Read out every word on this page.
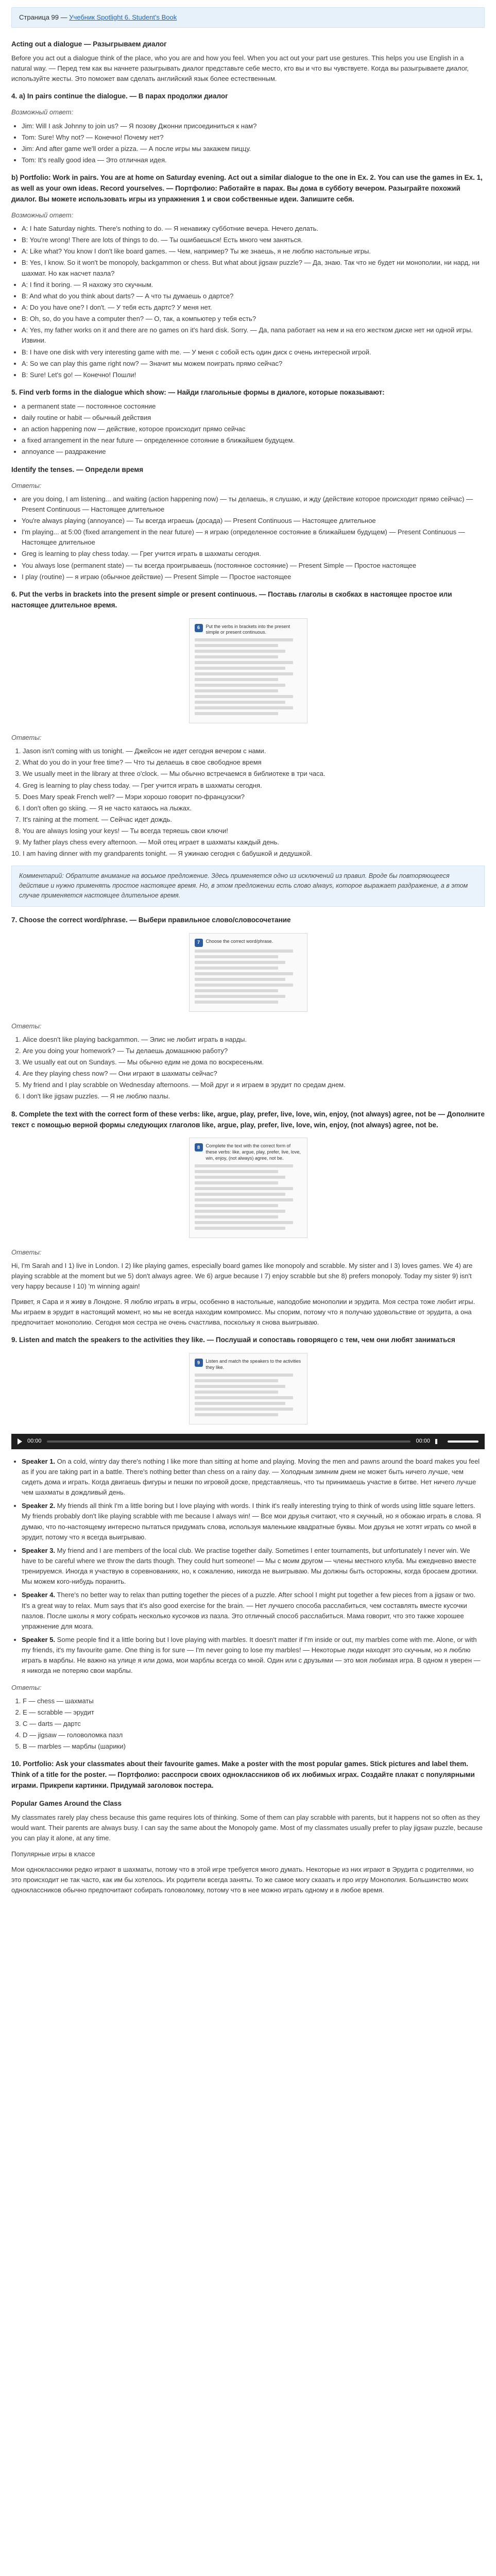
Страница 99 — Учебник Spotlight 6. Student's Book
Acting out a dialogue — Разыгрываем диалог

Before you act out a dialogue think of the place, who you are and how you feel. When you act out your part use gestures. This helps you use English in a natural way. — Перед тем как вы начнете разыгрывать диалог представьте себе место, кто вы и что вы чувствуете. Когда вы разыгрываете диалог, используйте жесты. Это поможет вам сделать английский язык более естественным.

4. a) In pairs continue the dialogue. — В парах продолжи диалог
Возможный ответ:
• Jim: Will I ask Johnny to join us? — Я позову Джонни присоединиться к нам?
• Tom: Sure! Why not? — Конечно! Почему нет?
• Jim: And after game we'll order a pizza. — А после игры мы закажем пиццу.
• Tom: It's really good idea — Это отличная идея.
b) Portfolio: Work in pairs. You are at home on Saturday evening. Act out a similar dialogue to the one in Ex. 2. You can use the games in Ex. 1, as well as your own ideas. Record yourselves. — Портфолио: Работайте в парах. Вы дома в субботу вечером. Разыграйте похожий диалог. Вы можете использовать игры из упражнения 1 и свои собственные идеи. Запишите себя.
Возможный ответ:
• A: I hate Saturday nights. There's nothing to do. — Я ненавижу субботние вечера. Нечего делать.
• B: You're wrong! There are lots of things to do. — Ты ошибаешься! Есть много чем заняться.
• A: Like what? You know I don't like board games. — Чем, например? Ты же знаешь, я не люблю настольные игры.
• B: Yes, I know. So it won't be monopoly, backgammon or chess. But what about jigsaw puzzle? — Да, знаю. Так что не будет ни монополии, ни нард, ни шахмат. Но как насчет пазла?
• A: I find it boring. — Я нахожу это скучным.
• B: And what do you think about darts? — А что ты думаешь о дартсе?
• A: Do you have one? I don't. — У тебя есть дартс? У меня нет.
• B: Oh, so, do you have a computer then? — О, так, а компьютер у тебя есть?
• A: Yes, my father works on it and there are no games on it's hard disk. Sorry. — Да, папа работает на нем и на его жестком диске нет ни одной игры. Извини.
• B: I have one disk with very interesting game with me. — У меня с собой есть один диск с очень интересной игрой.
• A: So we can play this game right now? — Значит мы можем поиграть прямо сейчас?
• B: Sure! Let's go! — Конечно! Пошли!
5. Find verb forms in the dialogue which show: — Найди глагольные формы в диалоге, которые показывают:
• a permanent state — постоянное состояние
• daily routine or habit — обычный действия
• an action happening now — действие, которое происходит прямо сейчас
• a fixed arrangement in the near future — определенное сотояние в ближайшем будущем.
• annoyance — раздражение
Identify the tenses. — Определи время
Ответы:
• are you doing, I am listening... and waiting (action happening now) — ты делаешь, я слушаю, и жду (действие которое происходит прямо сейчас) — Present Continuous — Настоящее длительное
• You're always playing (annoyance) — Ты всегда играешь (досада) — Present Continuous — Настоящее длительное
• I'm playing... at 5:00 (fixed arrangement in the near future) — я играю (определенное состояние в ближайшем будущем) — Present Continuous — Настоящее длительное
• Greg is learning to play chess today. — Грег учится играть в шахматы сегодня.
• You always lose (permanent state) — ты всегда проигрываешь (постоянное состояние) — Present Simple — Простое настоящее
• I play (routine) — я играю (обычное действие) — Present Simple — Простое настоящее
6. Put the verbs in brackets into the present simple or present continuous. — Поставь глаголы в скобках в настоящее простое или настоящее длительное время.
6	Put the verbs in brackets into the present simple or present continuous.
Ответы:
1. Jason isn't coming with us tonight. — Джейсон не идет сегодня вечером с нами.
2. What do you do in your free time? — Что ты делаешь в свое свободное время
3. We usually meet in the library at three o'clock. — Мы обычно встречаемся в библиотеке в три часа.
4. Greg is learning to play chess today. — Грег учится играть в шахматы сегодня.
5. Does Mary speak French well? — Мэри хорошо говорит по-французски?
6. I don't often go skiing. — Я не часто катаюсь на лыжах.
7. It's raining at the moment. — Сейчас идет дождь.
8. You are always losing your keys! — Ты всегда теряешь свои ключи!
9. My father plays chess every afternoon. — Мой отец играет в шахматы каждый день.
10. I am having dinner with my grandparents tonight. — Я ужинаю сегодня с бабушкой и дедушкой.
Комментарий: Обратите внимание на восьмое предложение. Здесь применяется одно из исключений из правил. Вроде бы повторяющееся действие и нужно применять простое настоящее время. Но, в этом предложении есть слово always, которое выражает раздражение, а в этом случае применяется настоящее длительное время.
7. Choose the correct word/phrase. — Выбери правильное слово/словосочетание
7	Choose the correct word/phrase.
Ответы:
1. Alice doesn't like playing backgammon. — Элис не любит играть в нарды.
2. Are you doing your homework? — Ты делаешь домашнюю работу?
3. We usually eat out on Sundays. — Мы обычно едим не дома по воскресеньям.
4. Are they playing chess now? — Они играют в шахматы сейчас?
5. My friend and I play scrabble on Wednesday afternoons. — Мой друг и я играем в эрудит по средам днем.
6. I don't like jigsaw puzzles. — Я не люблю пазлы.
8. Complete the text with the correct form of these verbs: like, argue, play, prefer, live, love, win, enjoy, (not always) agree, not be — Дополните текст с помощью верной формы следующих глаголов like, argue, play, prefer, live, love, win, enjoy, (not always) agree, not be.
8	Complete the text with the correct form of these verbs: like, argue, play, prefer, live, love, win, enjoy, (not always) agree, not be.
Ответы:

Hi, I'm Sarah and I 1) live in London. I 2) like playing games, especially board games like monopoly and scrabble. My sister and I 3) loves games. We 4) are playing scrabble at the moment but we 5) don't always agree. We 6) argue because I 7) enjoy scrabble but she 8) prefers monopoly. Today my sister 9) isn't very happy because I 10) 'm winning again!

Привет, я Сара и я живу в Лондоне. Я люблю играть в игры, особенно в настольные, наподобие монополии и эрудита. Моя сестра тоже любит игры. Мы играем в эрудит в настоящий момент, но мы не всегда находим компромисс. Мы спорим, потому что я получаю удовольствие от эрудита, а она предпочитает монополию. Сегодня моя сестра не очень счастлива, поскольку я снова выигрываю.

9. Listen and match the speakers to the activities they like. — Послушай и сопоставь говорящего с тем, чем они любят заниматься
9	Listen and match the speakers to the activities they like.
00:00	00:00
• Speaker 1. On a cold, wintry day there's nothing I like more than sitting at home and playing. Moving the men and pawns around the board makes you feel as if you are taking part in a battle. There's nothing better than chess on a rainy day. — Холодным зимним днем не может быть ничего лучше, чем сидеть дома и играть. Когда двигаешь фигуры и пешки по игровой доске, представляешь, что ты принимаешь участие в битве. Нет ничего лучше чем шахматы в дождливый день.
• Speaker 2. My friends all think I'm a little boring but I love playing with words. I think it's really interesting trying to think of words using little square letters. My friends probably don't like playing scrabble with me because I always win! — Все мои друзья считают, что я скучный, но я обожаю играть в слова. Я думаю, что по-настоящему интересно пытаться придумать слова, используя маленькие квадратные буквы. Мои друзья не хотят играть со мной в эрудит, потому что я всегда выигрываю.
• Speaker 3. My friend and I are members of the local club. We practise together daily. Sometimes I enter tournaments, but unfortunately I never win. We have to be careful where we throw the darts though. They could hurt someone! — Мы с моим другом — члены местного клуба. Мы ежедневно вместе тренируемся. Иногда я участвую в соревнованиях, но, к сожалению, никогда не выигрываю. Мы должны быть осторожны, когда бросаем дротики. Мы можем кого-нибудь поранить.
• Speaker 4. There's no better way to relax than putting together the pieces of a puzzle. After school I might put together a few pieces from a jigsaw or two. It's a great way to relax. Mum says that it's also good exercise for the brain. — Нет лучшего способа расслабиться, чем составлять вместе кусочки пазлов. После школы я могу собрать несколько кусочков из пазла. Это отличный способ расслабиться. Мама говорит, что это также хорошее упражнение для мозга.
• Speaker 5. Some people find it a little boring but I love playing with marbles. It doesn't matter if I'm inside or out, my marbles come with me. Alone, or with my friends, it's my favourite game. One thing is for sure — I'm never going to lose my marbles! — Некоторые люди находят это скучным, но я люблю играть в марблы. Не важно на улице я или дома, мои марблы всегда со мной. Один или с друзьями — это моя любимая игра. В одном я уверен — я никогда не потеряю свои марблы.
Ответы:
1. F — chess — шахматы
2. E — scrabble — эрудит
3. C — darts — дартс
4. D — jigsaw — головоломка пазл
5. B — marbles — марблы (шарики)
10. Portfolio: Ask your classmates about their favourite games. Make a poster with the most popular games. Stick pictures and label them. Think of a title for the poster. — Портфолио: расспроси своих одноклассников об их любимых играх. Создайте плакат с популярными играми. Прикрепи картинки. Придумай заголовок постера.
Popular Games Around the Class

My classmates rarely play chess because this game requires lots of thinking. Some of them can play scrabble with parents, but it happens not so often as they would want. Their parents are always busy. I can say the same about the Monopoly game. Most of my classmates usually prefer to play jigsaw puzzle, because you can play it alone, at any time.

Популярные игры в классе

Мои одноклассники редко играют в шахматы, потому что в этой игре требуется много думать. Некоторые из них играют в Эрудита с родителями, но это происходит не так часто, как им бы хотелось. Их родители всегда заняты. То же самое могу сказать и про игру Монополия. Большинство моих одноклассников обычно предпочитают собирать головоломку, потому что в нее можно играть одному и в любое время.
